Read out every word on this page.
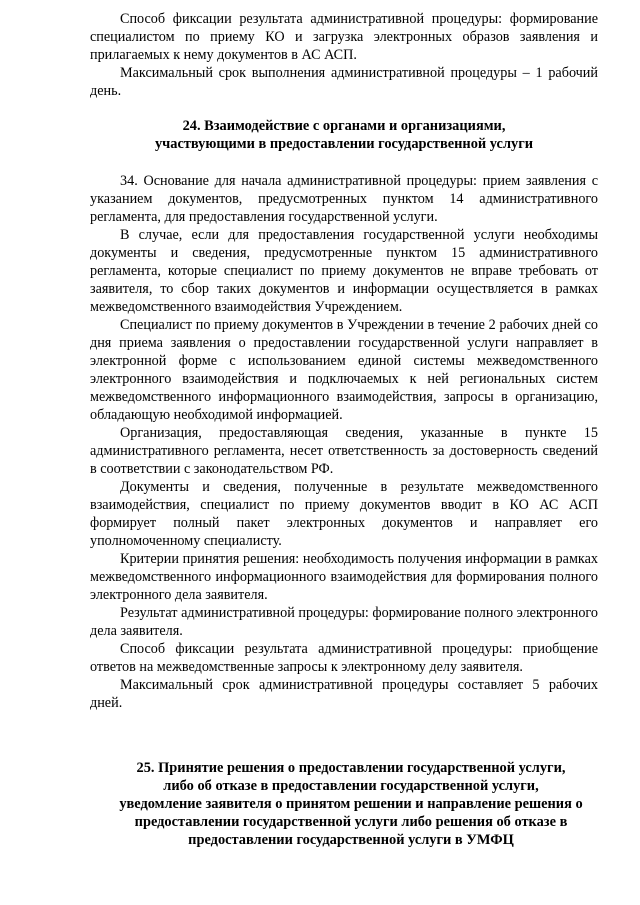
Способ фиксации результата административной процедуры: формирование специалистом по приему КО и загрузка электронных образов заявления и прилагаемых к нему документов в АС АСП.

Максимальный срок выполнения административной процедуры – 1 рабочий день.

24. Взаимодействие с органами и организациями,
участвующими в предоставлении государственной услуги

34. Основание для начала административной процедуры: прием заявления с указанием документов, предусмотренных пунктом 14 административного регламента, для предоставления государственной услуги.

В случае, если для предоставления государственной услуги необходимы документы и сведения, предусмотренные пунктом 15 административного регламента, которые специалист по приему документов не вправе требовать от заявителя, то сбор таких документов и информации осуществляется в рамках межведомственного взаимодействия Учреждением.

Специалист по приему документов в Учреждении в течение 2 рабочих дней со дня приема заявления о предоставлении государственной услуги направляет в электронной форме с использованием единой системы межведомственного электронного взаимодействия и подключаемых к ней региональных систем межведомственного информационного взаимодействия, запросы в организацию, обладающую необходимой информацией.

Организация, предоставляющая сведения, указанные в пункте 15 административного регламента, несет ответственность за достоверность сведений в соответствии с законодательством РФ.

Документы и сведения, полученные в результате межведомственного взаимодействия, специалист по приему документов вводит в КО АС АСП формирует полный пакет электронных документов и направляет его уполномоченному специалисту.

Критерии принятия решения: необходимость получения информации в рамках межведомственного информационного взаимодействия для формирования полного электронного дела заявителя.

Результат административной процедуры: формирование полного электронного дела заявителя.

Способ фиксации результата административной процедуры: приобщение ответов на межведомственные запросы к электронному делу заявителя.

Максимальный срок административной процедуры составляет 5 рабочих дней.

25. Принятие решения о предоставлении государственной услуги,
либо об отказе в предоставлении государственной услуги,
уведомление заявителя о принятом решении и направление решения о
предоставлении государственной услуги либо решения об отказе в
предоставлении государственной услуги в УМФЦ
